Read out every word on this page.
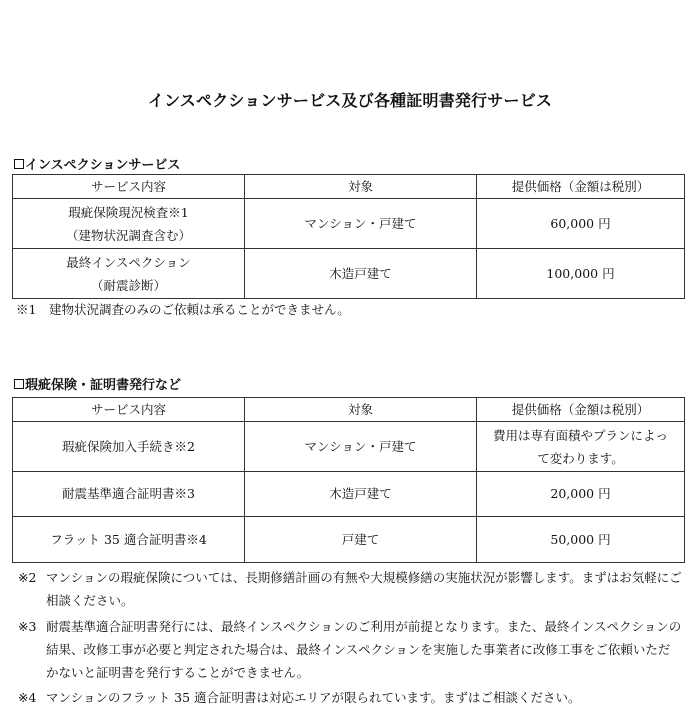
インスペクションサービス及び各種証明書発行サービス
インスペクションサービス
サービス内容	対象	提供価格（金額は税別）

瑕疵保険現況検査※1
（建物状況調査含む）	マンション・戸建て	60,000 円

最終インスペクション
（耐震診断）	木造戸建て	100,000 円
※1　建物状況調査のみのご依頼は承ることができません。
瑕疵保険・証明書発行など
サービス内容	対象	提供価格（金額は税別）
瑕疵保険加入手続き※2	マンション・戸建て	費用は専有面積やプランによっ
て変わります。

耐震基準適合証明書※3	木造戸建て	20,000 円
フラット 35 適合証明書※4	戸建て	50,000 円
※2 マンションの瑕疵保険については、長期修繕計画の有無や大規模修繕の実施状況が影響します。まずはお気軽にご相談ください。
※3 耐震基準適合証明書発行には、最終インスペクションのご利用が前提となります。また、最終インスペクションの結果、改修工事が必要と判定された場合は、最終インスペクションを実施した事業者に改修工事をご依頼いただかないと証明書を発行することができません。
※4 マンションのフラット 35 適合証明書は対応エリアが限られています。まずはご相談ください。
